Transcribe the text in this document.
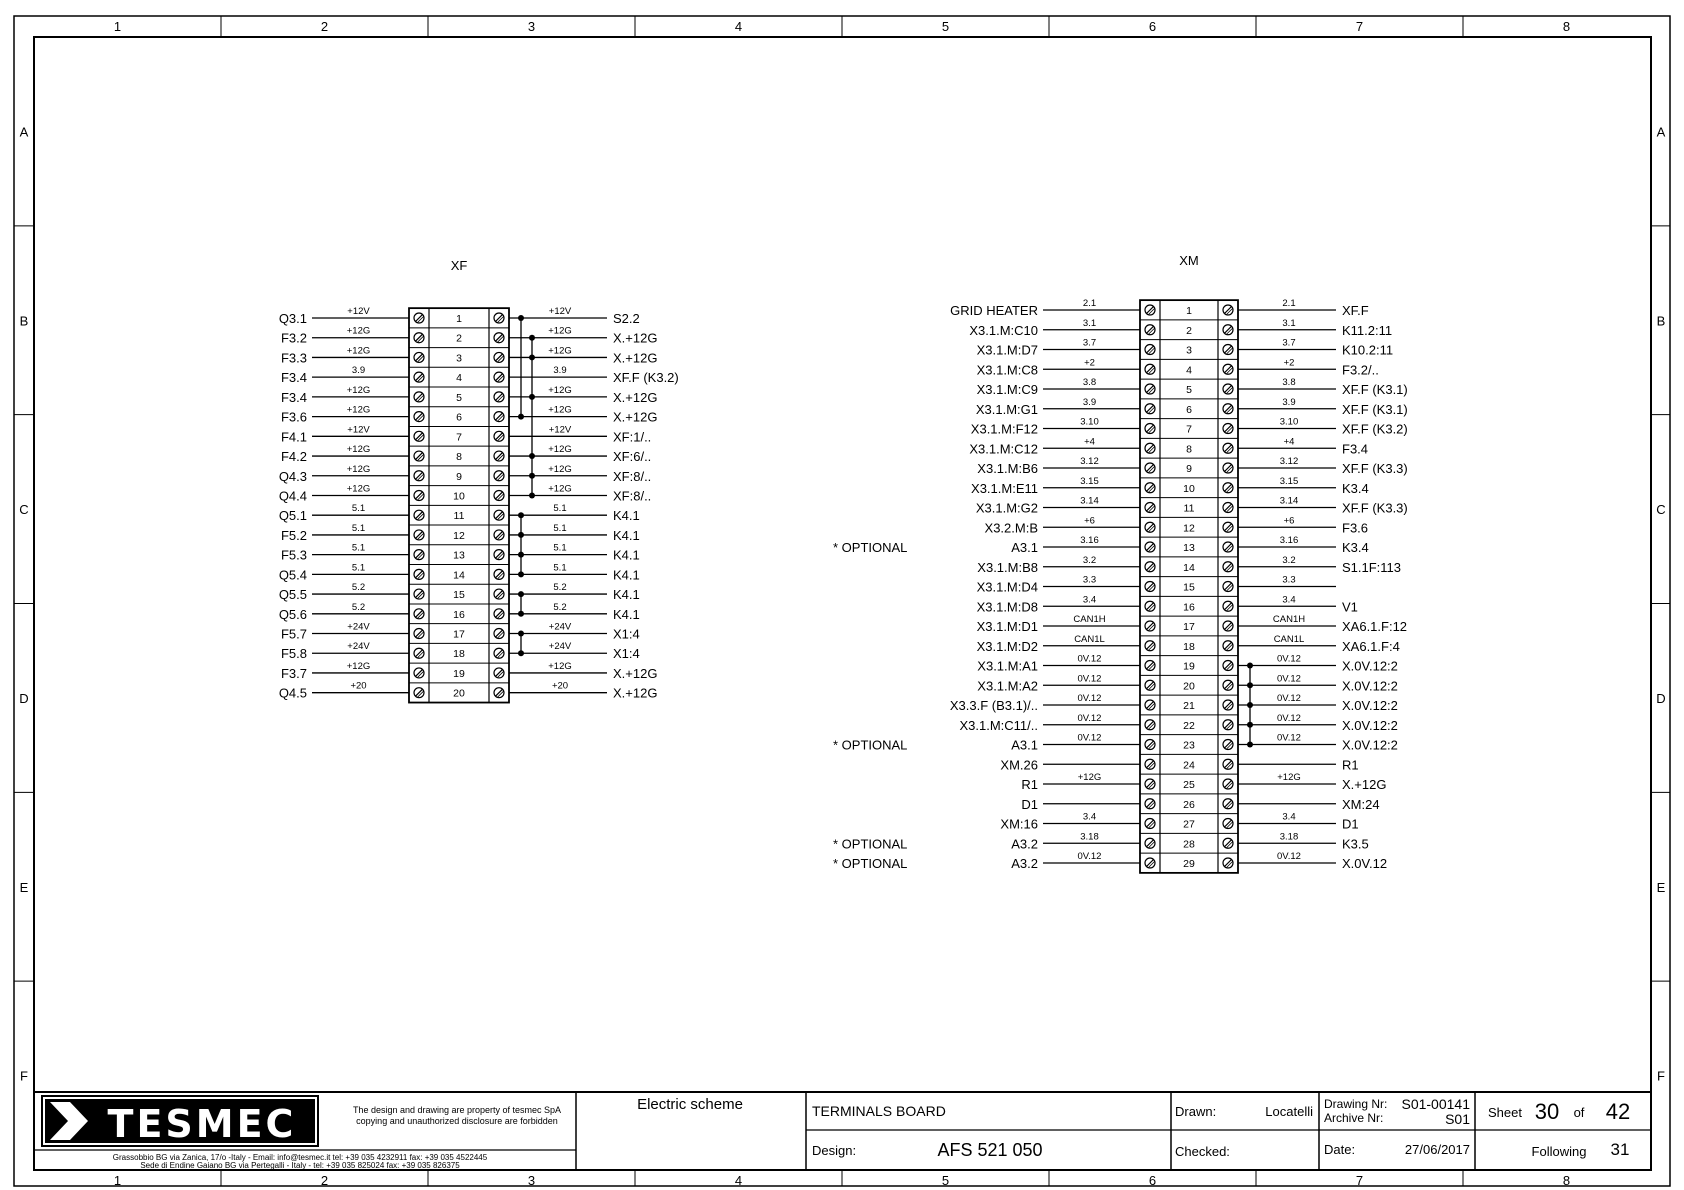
1
1
2
2
3
3
4
4
5
5
6
6
7
7
8
8
A	A
B	B
C	C
D	D
E	E
F	F
XF
1
+12V	+12V
Q3.1	S2.2
2
+12G	+12G
F3.2	X.+12G
3
+12G	+12G
F3.3	X.+12G
4
3.9	3.9
F3.4	XF.F (K3.2)
5
+12G	+12G
F3.4	X.+12G
6
+12G	+12G
F3.6	X.+12G
7
+12V	+12V
F4.1	XF:1/..
8
+12G	+12G
F4.2	XF:6/..
9
+12G	+12G
Q4.3	XF:8/..
10
+12G	+12G
Q4.4	XF:8/..
11
5.1	5.1
Q5.1	K4.1
12
5.1	5.1
F5.2	K4.1
13
5.1	5.1
F5.3	K4.1
14
5.1	5.1
Q5.4	K4.1
15
5.2	5.2
Q5.5	K4.1
16
5.2	5.2
Q5.6	K4.1
17
+24V	+24V
F5.7	X1:4
18
+24V	+24V
F5.8	X1:4
19
+12G	+12G
F3.7	X.+12G
20
+20	+20
Q4.5	X.+12G
XM
1
2.1	2.1
GRID HEATER	XF.F
2
3.1	3.1
X3.1.M:C10	K11.2:11
3
3.7	3.7
X3.1.M:D7	K10.2:11
4
+2	+2
X3.1.M:C8	F3.2/..
5
3.8	3.8
X3.1.M:C9	XF.F (K3.1)
6
3.9	3.9
X3.1.M:G1	XF.F (K3.1)
7
3.10	3.10
X3.1.M:F12	XF.F (K3.2)
8
+4	+4
X3.1.M:C12	F3.4
9
3.12	3.12
X3.1.M:B6	XF.F (K3.3)
10
3.15	3.15
X3.1.M:E11	K3.4
11
3.14	3.14
X3.1.M:G2	XF.F (K3.3)
12
+6	+6
X3.2.M:B	F3.6
13
3.16	3.16
A3.1	K3.4
* OPTIONAL
14
3.2	3.2
X3.1.M:B8	S1.1F:113
15
3.3	3.3
X3.1.M:D4
16
3.4	3.4
X3.1.M:D8	V1
17
CAN1H	CAN1H
X3.1.M:D1	XA6.1.F:12
18
CAN1L	CAN1L
X3.1.M:D2	XA6.1.F:4
19
0V.12	0V.12
X3.1.M:A1	X.0V.12:2
20
0V.12	0V.12
X3.1.M:A2	X.0V.12:2
21
0V.12	0V.12
X3.3.F (B3.1)/..	X.0V.12:2
22
0V.12	0V.12
X3.1.M:C11/..	X.0V.12:2
23
0V.12	0V.12
A3.1	X.0V.12:2
* OPTIONAL
24
XM.26	R1
25
+12G	+12G
R1	X.+12G
26
D1	XM:24
27
3.4	3.4
XM:16	D1
28
3.18	3.18
A3.2	K3.5
* OPTIONAL
29
0V.12	0V.12
A3.2	X.0V.12
* OPTIONAL
TESMEC	The design and drawing are property of tesmec SpA
copying and unauthorized disclosure are forbidden
Grassobbio BG via Zanica, 17/o -Italy - Email: info@tesmec.it tel: +39 035 4232911 fax: +39 035 4522445
Sede di Endine Gaiano BG via Pertegalli - Italy - tel: +39 035 825024 fax: +39 035 826375
Electric scheme	TERMINALS BOARD
Design:	AFS 521 050
Drawn:	Locatelli
Checked:
Drawing Nr: S01-00141
Archive Nr:	S01
Date:	27/06/2017
Sheet 30 of 42
Following 31
